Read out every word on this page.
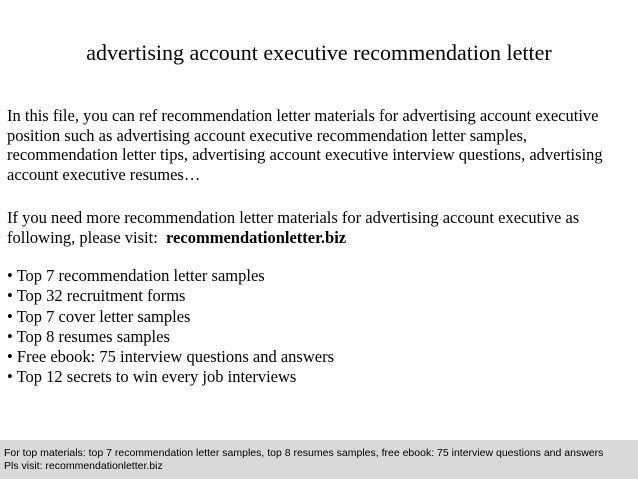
advertising account executive recommendation letter
In this file, you can ref recommendation letter materials for advertising account executive position such as advertising account executive recommendation letter samples, recommendation letter tips, advertising account executive interview questions, advertising account executive resumes…
If you need more recommendation letter materials for advertising account executive as following, please visit: recommendationletter.biz
• Top 7 recommendation letter samples
• Top 32 recruitment forms
• Top 7 cover letter samples
• Top 8 resumes samples
• Free ebook: 75 interview questions and answers
• Top 12 secrets to win every job interviews
For top materials: top 7 recommendation letter samples, top 8 resumes samples, free ebook: 75 interview questions and answers
Pls visit: recommendationletter.biz
